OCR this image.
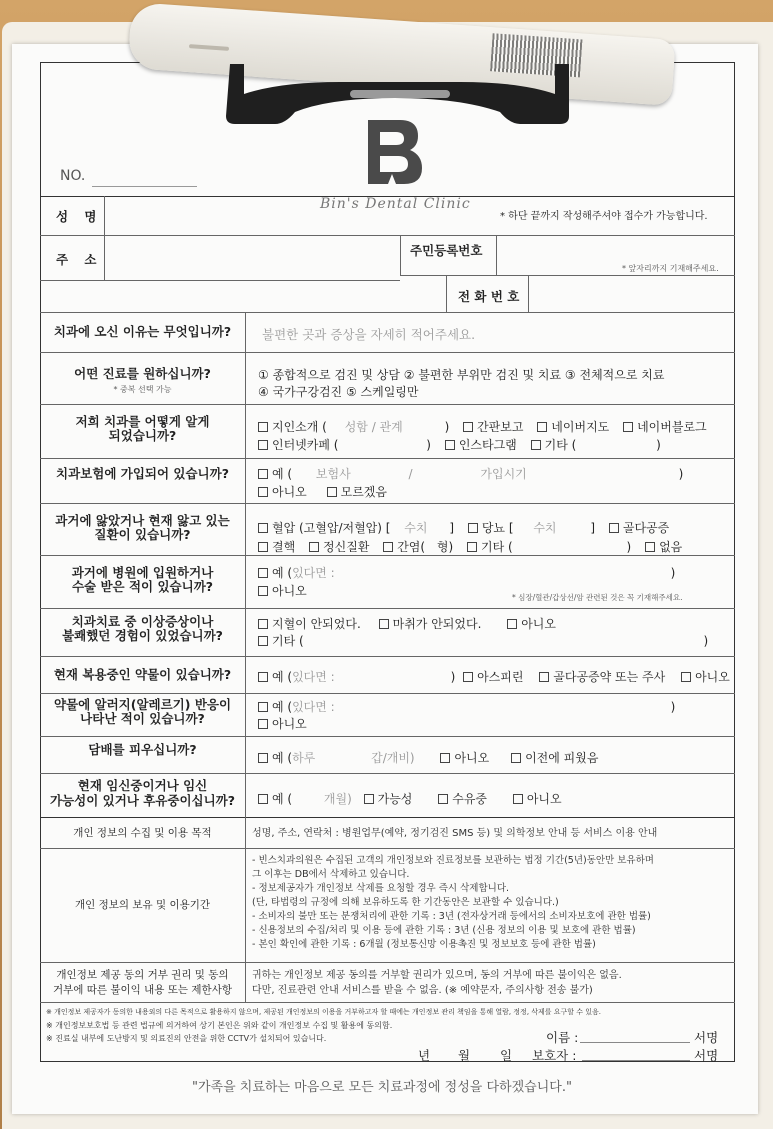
Bin's Dental Clinic
NO.
* 하단 끝까지 작성해주셔야 접수가 가능합니다.
성 명
주 소
주민등록번호
* 앞자리까지 기재해주세요.
전 화 번 호
치과에 오신 이유는 무엇입니까?	불편한 곳과 증상을 자세히 적어주세요.
어떤 진료를 원하십니까?
* 중복 선택 가능
① 종합적으로 검진 및 상담 ② 불편한 부위만 검진 및 치료 ③ 전체적으로 치료
④ 국가구강검진 ⑤ 스케일링만
저희 치과를 어떻게 알게
되었습니까?
지인소개 ( 성함 / 관계	) 간판보고 네이버지도 네이버블로그
인터넷카페 (	) 인스타그램 기타 (	)
치과보험에 가입되어 있습니까?	예 ( 보험사	/	가입시기	)
아니오	모르겠음
과거에 앓았거나 현재 앓고 있는
질환이 있습니까?	혈압 (고혈압/저혈압) [ 수치 ] 당뇨 [ 수치	] 골다공증
결핵 정신질환 간염( 형) 기타 (	) 없음
과거에 병원에 입원하거나
수술 받은 적이 있습니까?
예 (있다면 :	)
아니오	* 심장/혈관/갑상선/암 관련된 것은 꼭 기재해주세요.
치과치료 중 이상증상이나
불쾌했던 경험이 있었습니까?
지혈이 안되었다.	마취가 안되었다.	아니오
기타 (	)
현재 복용중인 약물이 있습니까?	예 (있다면 :	) 아스피린 골다공증약 또는 주사 아니오
약물에 알러지(알레르기) 반응이
나타난 적이 있습니까?
예 (있다면 :	)
아니오
담배를 피우십니까?
예 (하루	갑/개비)	아니오	이전에 피웠음
현재 임신중이거나 임신
가능성이 있거나 후유중이십니까?	예 (	개월) 가능성	수유중	아니오
개인 정보의 수집 및 이용 목적	성명, 주소, 연락처 : 병원업무(예약, 정기검진 SMS 등) 및 의학정보 안내 등 서비스 이용 안내
개인 정보의 보유 및 이용기간
- 빈스치과의원은 수집된 고객의 개인정보와 진료정보를 보관하는 법정 기간(5년)동안만 보유하며
그 이후는 DB에서 삭제하고 있습니다.
- 정보제공자가 개인정보 삭제를 요청할 경우 즉시 삭제합니다.
(단, 타법령의 규정에 의해 보유하도록 한 기간동안은 보관할 수 있습니다.)
- 소비자의 불만 또는 분쟁처리에 관한 기록 : 3년 (전자상거래 등에서의 소비자보호에 관한 법률)
- 신용정보의 수집/처리 및 이용 등에 관한 기록 : 3년 (신용 정보의 이용 및 보호에 관한 법률)
- 본인 확인에 관한 기록 : 6개월 (정보통신망 이용촉진 및 정보보호 등에 관한 법률)
개인정보 제공 동의 거부 권리 및 동의
거부에 따른 불이익 내용 또는 제한사항
귀하는 개인정보 제공 동의를 거부할 권리가 있으며, 동의 거부에 따른 불이익은 없음.
다만, 진료관련 안내 서비스를 받을 수 없음. (※ 예약문자, 주의사항 전송 불가)
※ 개인정보 제공자가 동의한 내용외의 다른 목적으로 활용하지 않으며, 제공된 개인정보의 이용을 거부하고자 할 때에는 개인정보 관리 책임을 통해 열람, 정정, 삭제를 요구할 수 있음.
※ 개인정보보호법 등 관련 법규에 의거하여 상기 본인은 위와 같이 개인정보 수집 및 활용에 동의함.
※ 진료실 내부에 도난방지 및 의료진의 안전을 위한 CCTV가 설치되어 있습니다.	이름 :	서명
년 월 일 보호자 :	서명
"가족을 치료하는 마음으로 모든 치료과정에 정성을 다하겠습니다."
